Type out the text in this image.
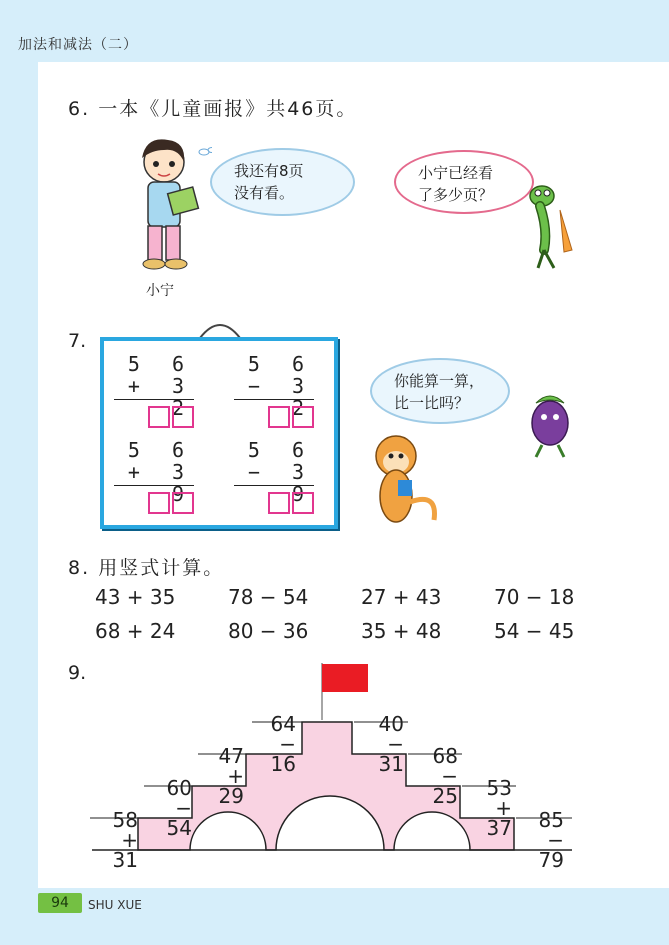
加法和减法（二）
6. 一本《儿童画报》共46页。
小宁
我还有8页
没有看。
小宁已经看
了多少页？
7.
5 6
+ 3 2
5 6
− 3 2
5 6
+ 3 9
5 6
− 3 9
你能算一算，
比一比吗？
8. 用竖式计算。
43 + 35	78 − 54	27 + 43	70 − 18
68 + 24	80 − 36	35 + 48	54 − 45
9.
58
+ 31
60
− 54
47
+ 29
64
− 16
40
− 31	68
− 25	53
+ 37	85
− 79
94	SHU XUE
